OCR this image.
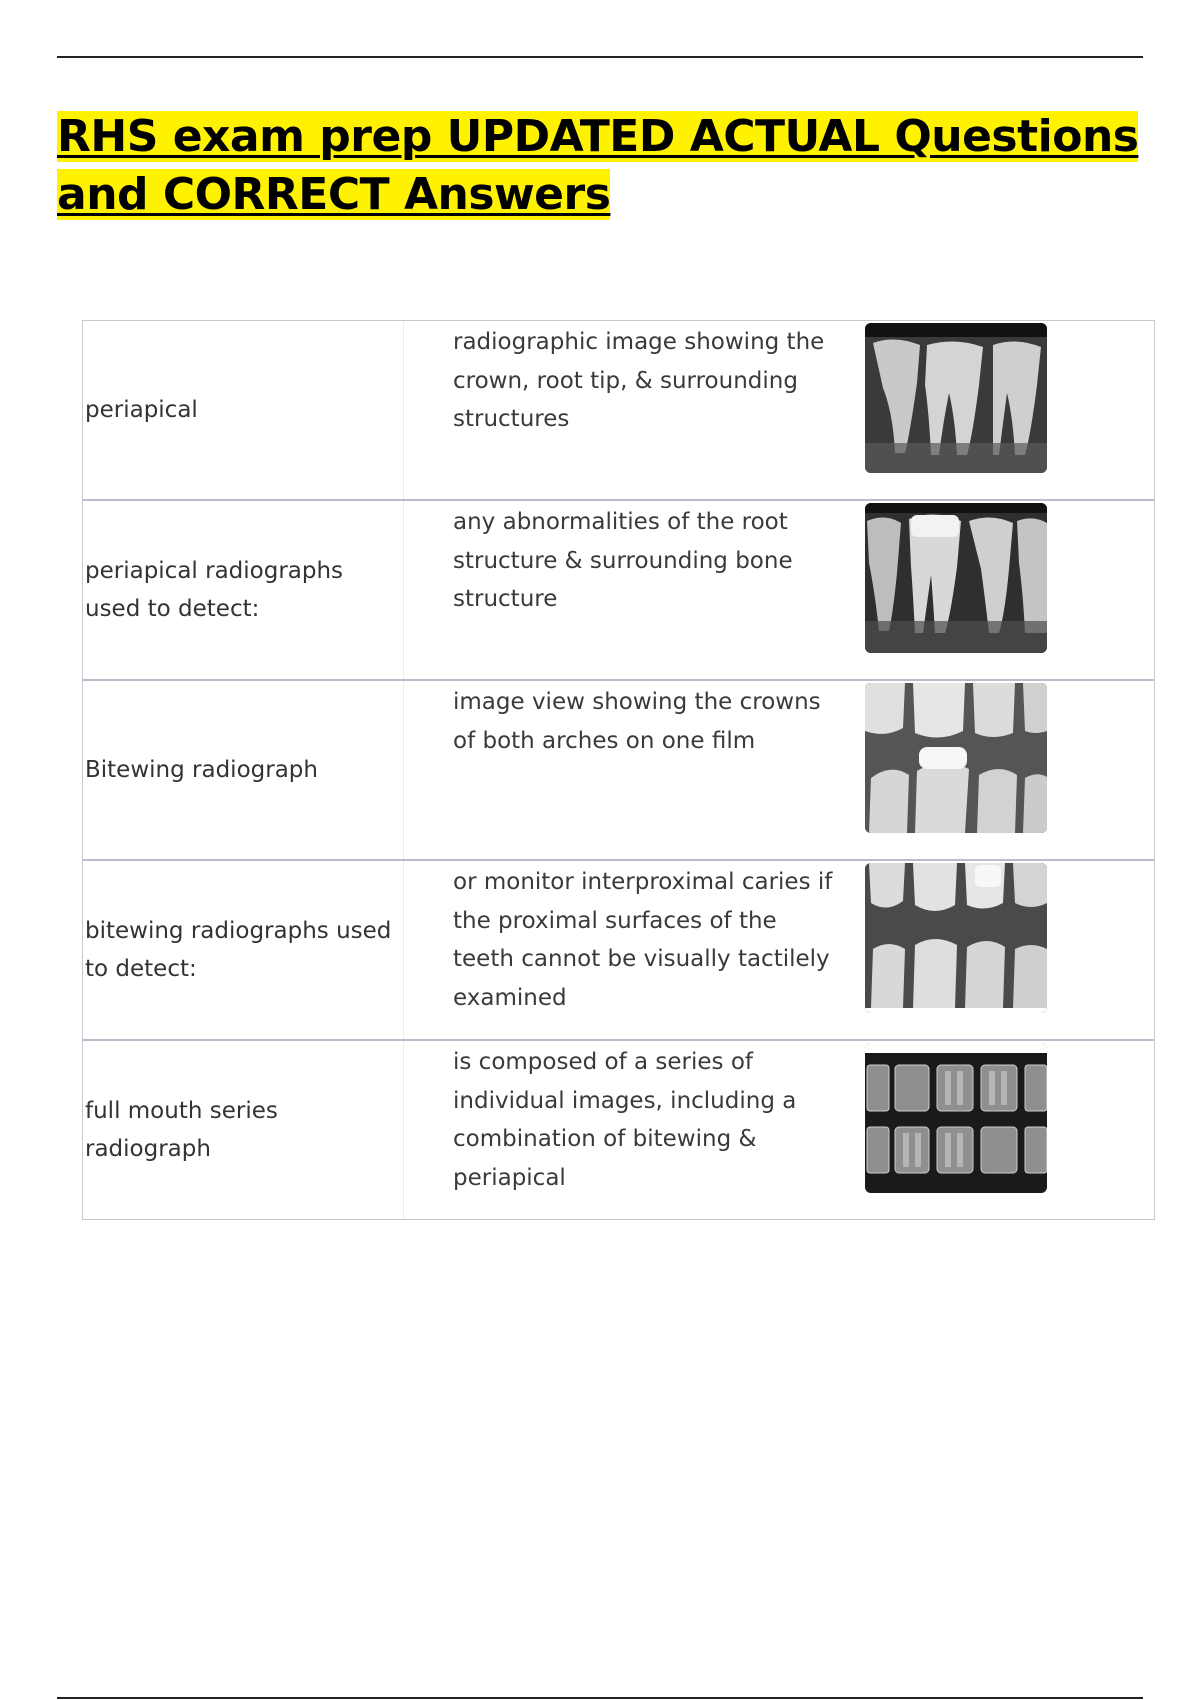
RHS exam prep UPDATED ACTUAL Questions and CORRECT Answers
periapical
radiographic image showing the crown, root tip, & surrounding structures
periapical radiographs used to detect:
any abnormalities of the root structure & surrounding bone structure
Bitewing radiograph
image view showing the crowns of both arches on one film
bitewing radiographs used to detect:
or monitor interproximal caries if the proximal surfaces of the teeth cannot be visually tactilely examined
full mouth series radiograph
is composed of a series of individual images, including a combination of bitewing & periapical
